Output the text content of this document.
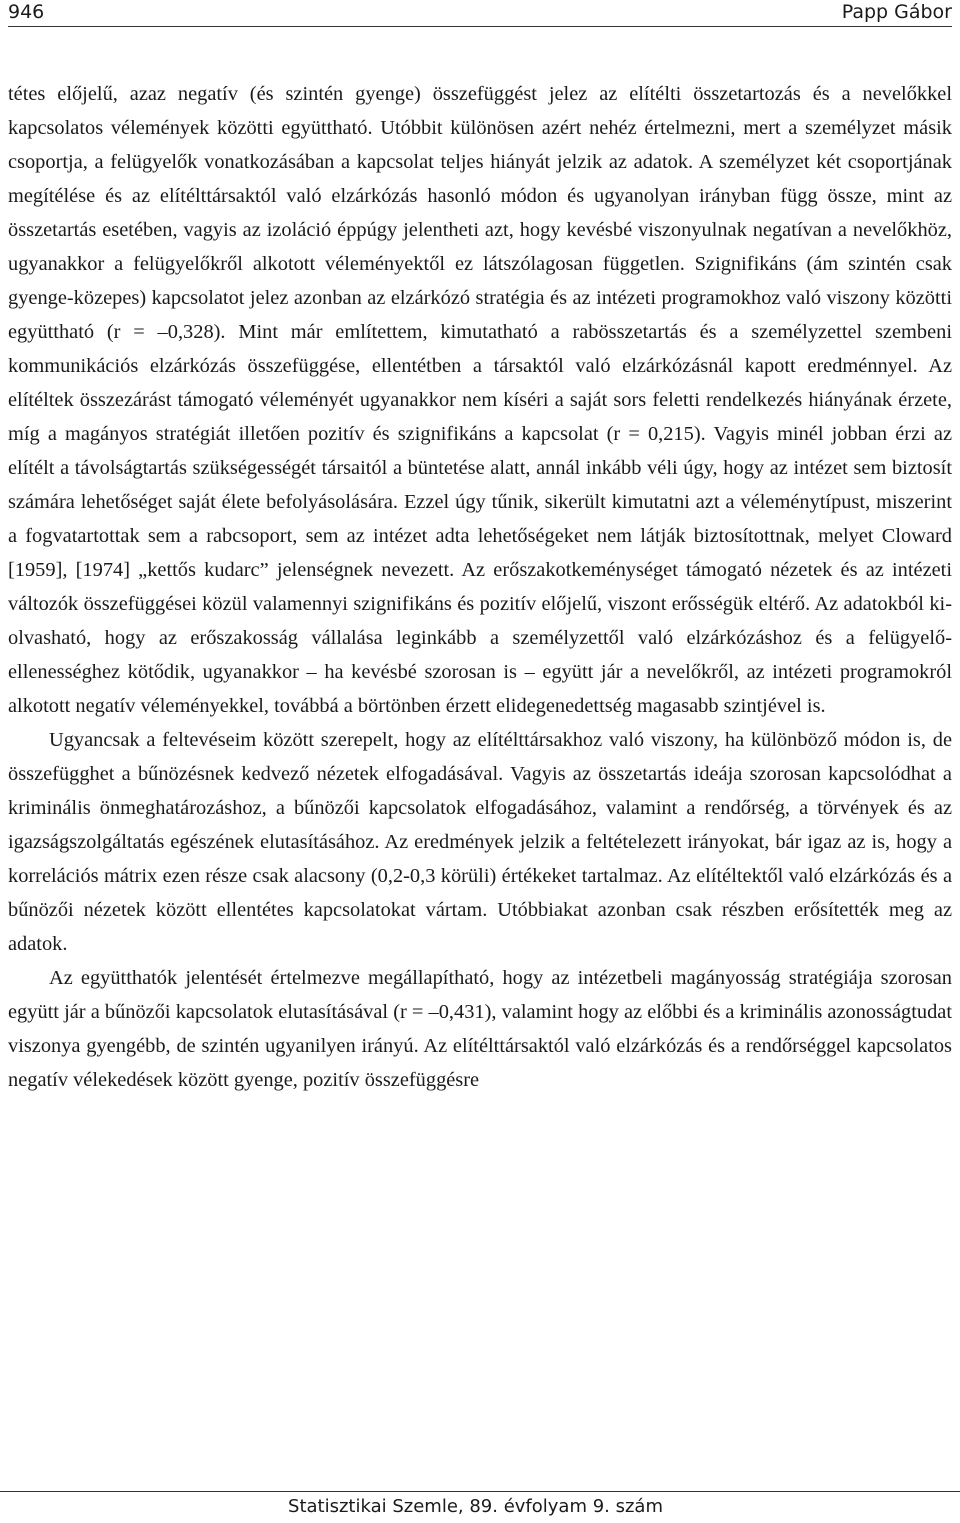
946	Papp Gábor

tétes előjelű, azaz negatív (és szintén gyenge) összefüggést jelez az elítélti összetartozás és a nevelőkkel kapcsolatos vélemények közötti együttható. Utóbbit különösen azért nehéz értelmezni, mert a személyzet másik csoportja, a felügyelők vonatkozásában a kapcsolat teljes hiányát jelzik az adatok. A személyzet két csoportjának megítélése és az elítélttársaktól való elzárkózás hasonló módon és ugyanolyan irányban függ össze, mint az összetartás esetében, vagyis az izoláció éppúgy jelentheti azt, hogy kevésbé viszonyulnak negatívan a nevelőkhöz, ugyanakkor a felügyelőkről alkotott véleményektől ez látszólagosan független. Szignifikáns (ám szintén csak gyenge-közepes) kapcsolatot jelez azonban az elzárkózó stratégia és az intézeti programokhoz való viszony közötti együttható (r = –0,328). Mint már említettem, kimutatható a rabösszetartás és a személyzettel szembeni kommunikációs elzárkózás összefüggése, ellentétben a társaktól való elzárkózásnál kapott eredménnyel. Az elítéltek összezárást támogató véleményét ugyanakkor nem kíséri a saját sors feletti rendelkezés hiányának érzete, míg a magányos stratégiát illetően pozitív és szignifikáns a kapcsolat (r = 0,215). Vagyis minél jobban érzi az elítélt a távolságtartás szükségességét társaitól a büntetése alatt, annál inkább véli úgy, hogy az intézet sem biztosít számára lehetőséget saját élete befolyásolására. Ezzel úgy tűnik, sikerült kimutatni azt a véleménytípust, miszerint a fogvatartottak sem a rabcsoport, sem az intézet adta lehetőségeket nem látják biztosítottnak, melyet Cloward [1959], [1974] „kettős kudarc” jelenségnek nevezett. Az erőszakotkeménységet támogató nézetek és az intézeti változók összefüggései közül valamennyi szignifikáns és pozitív előjelű, viszont erősségük eltérő. Az adatokból kiolvasható, hogy az erőszakosság vállalása leginkább a személyzettől való elzárkózáshoz és a felügyelő-ellenességhez kötődik, ugyanakkor – ha kevésbé szorosan is – együtt jár a nevelőkről, az intézeti programokról alkotott negatív véleményekkel, továbbá a börtönben érzett elidegenedettség magasabb szintjével is.

Ugyancsak a feltevéseim között szerepelt, hogy az elítélttársakhoz való viszony, ha különböző módon is, de összefügghet a bűnözésnek kedvező nézetek elfogadásával. Vagyis az összetartás ideája szorosan kapcsolódhat a kriminális önmeghatározáshoz, a bűnözői kapcsolatok elfogadásához, valamint a rendőrség, a törvények és az igazságszolgáltatás egészének elutasításához. Az eredmények jelzik a feltételezett irányokat, bár igaz az is, hogy a korrelációs mátrix ezen része csak alacsony (0,2-0,3 körüli) értékeket tartalmaz. Az elítéltektől való elzárkózás és a bűnözői nézetek között ellentétes kapcsolatokat vártam. Utóbbiakat azonban csak részben erősítették meg az adatok.

Az együtthatók jelentését értelmezve megállapítható, hogy az intézetbeli magányosság stratégiája szorosan együtt jár a bűnözői kapcsolatok elutasításával (r = –0,431), valamint hogy az előbbi és a kriminális azonosságtudat viszonya gyengébb, de szintén ugyanilyen irányú. Az elítélttársaktól való elzárkózás és a rendőrséggel kapcsolatos negatív vélekedések között gyenge, pozitív összefüggésre

Statisztikai Szemle, 89. évfolyam 9. szám
